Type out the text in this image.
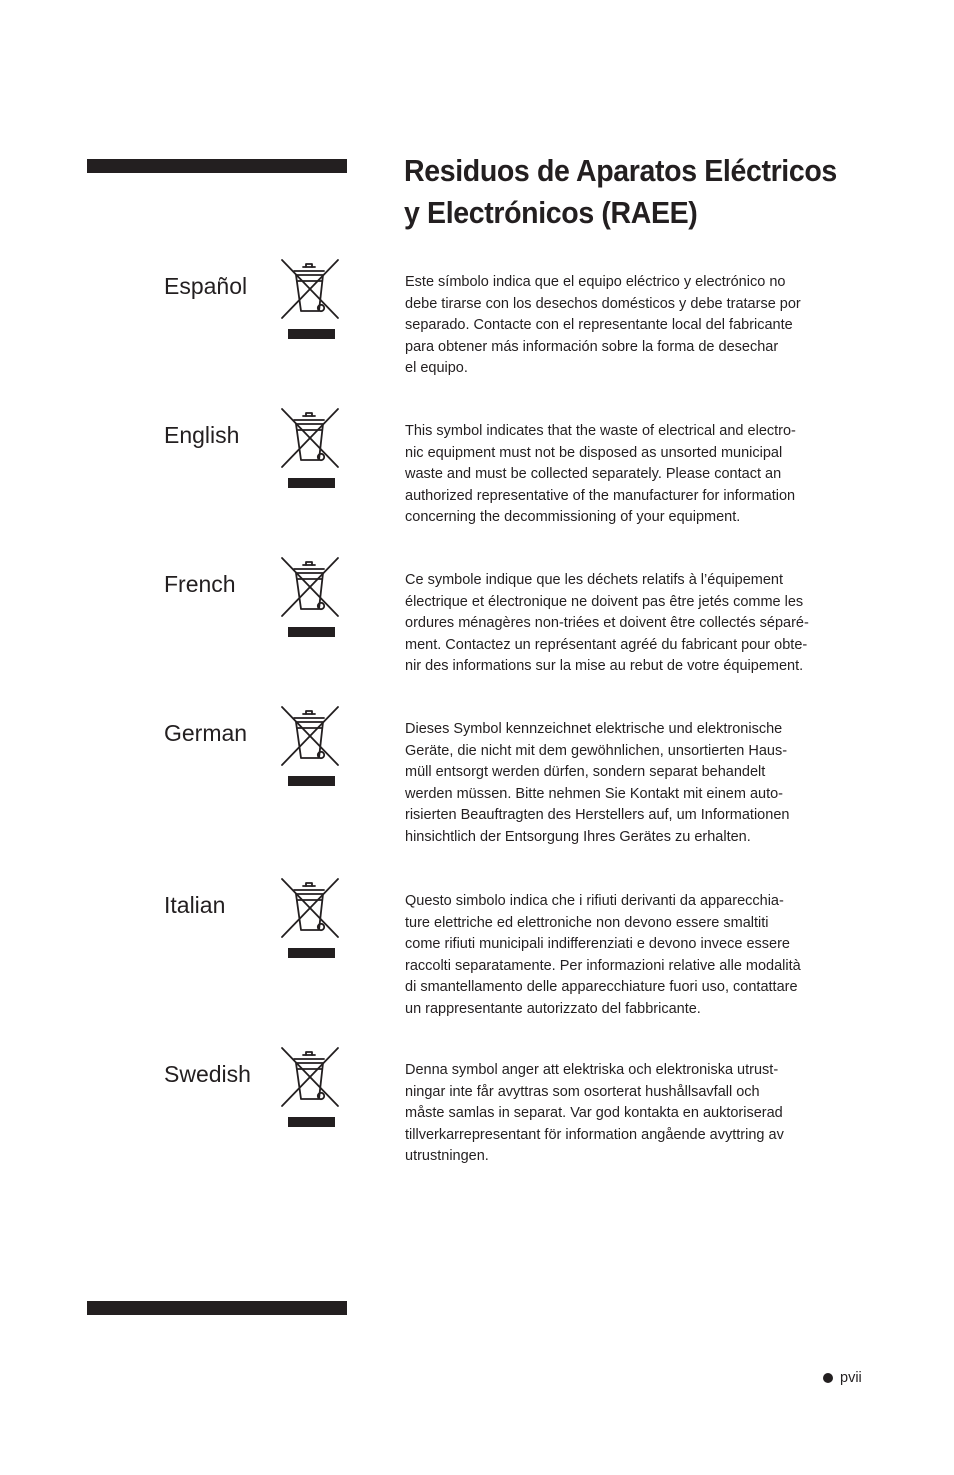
Residuos de Aparatos Eléctricos
y Electrónicos (RAEE)
Español	Este símbolo indica que el equipo eléctrico y electrónico no
debe tirarse con los desechos domésticos y debe tratarse por
separado. Contacte con el representante local del fabricante
para obtener más información sobre la forma de desechar
el equipo.

English	This symbol indicates that the waste of electrical and electro-
nic equipment must not be disposed as unsorted municipal
waste and must be collected separately. Please contact an
authorized representative of the manufacturer for information
concerning the decommissioning of your equipment.

French	Ce symbole indique que les déchets relatifs à l’équipement
électrique et électronique ne doivent pas être jetés comme les
ordures ménagères non-triées et doivent être collectés séparé-
ment. Contactez un représentant agréé du fabricant pour obte-
nir des informations sur la mise au rebut de votre équipement.

German	Dieses Symbol kennzeichnet elektrische und elektronische
Geräte, die nicht mit dem gewöhnlichen, unsortierten Haus-
müll entsorgt werden dürfen, sondern separat behandelt
werden müssen. Bitte nehmen Sie Kontakt mit einem auto-
risierten Beauftragten des Herstellers auf, um Informationen
hinsichtlich der Entsorgung Ihres Gerätes zu erhalten.

Italian	Questo simbolo indica che i rifiuti derivanti da apparecchia-
ture elettriche ed elettroniche non devono essere smaltiti
come rifiuti municipali indifferenziati e devono invece essere
raccolti separatamente. Per informazioni relative alle modalità
di smantellamento delle apparecchiature fuori uso, contattare
un rappresentante autorizzato del fabbricante.

Swedish	Denna symbol anger att elektriska och elektroniska utrust-
ningar inte får avyttras som osorterat hushållsavfall och
måste samlas in separat. Var god kontakta en auktoriserad
tillverkarrepresentant för information angående avyttring av
utrustningen.

pvii
